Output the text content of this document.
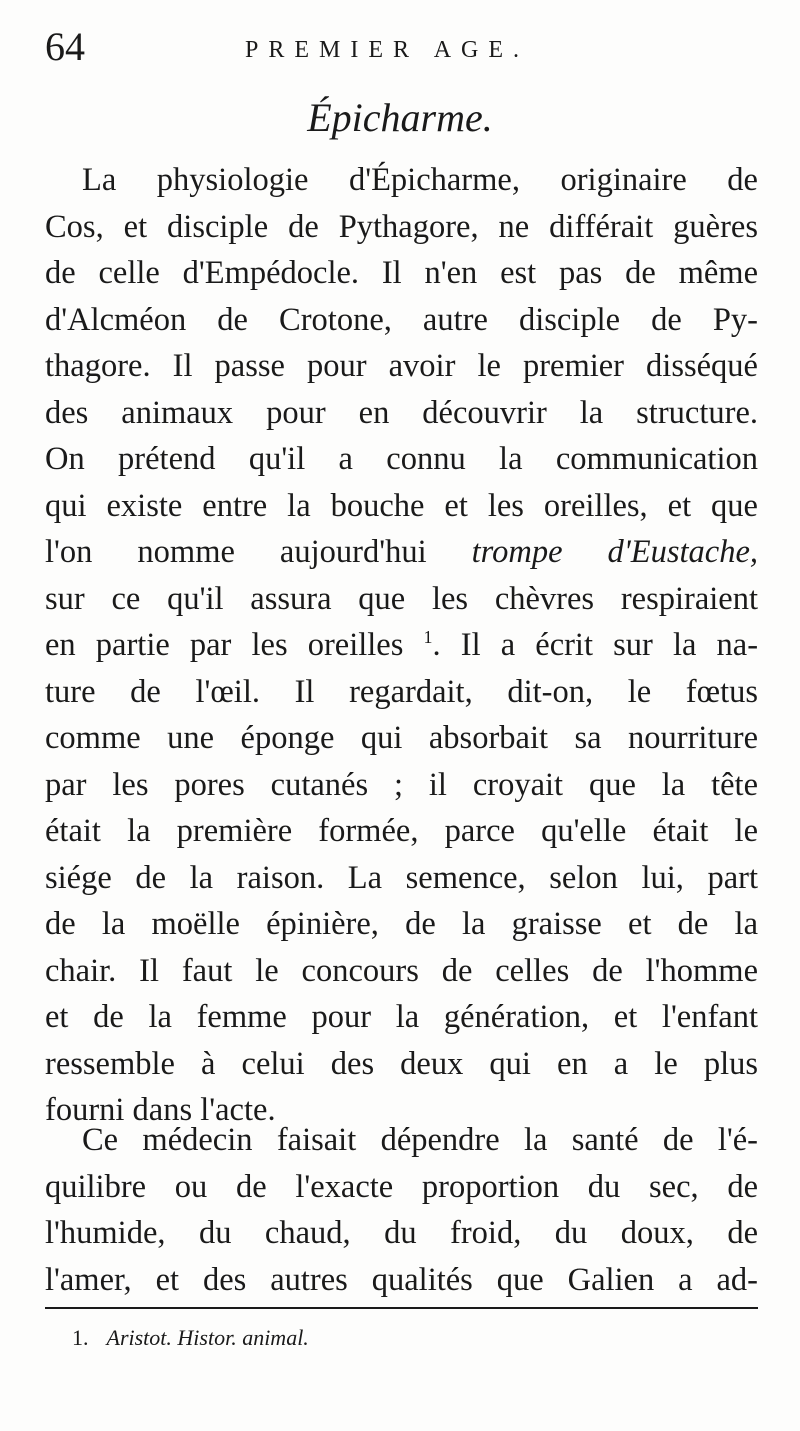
64	PREMIER AGE.
Épicharme.
La physiologie d'Épicharme, originaire de
Cos, et disciple de Pythagore, ne différait guères
de celle d'Empédocle. Il n'en est pas de même
d'Alcméon de Crotone, autre disciple de Py-
thagore. Il passe pour avoir le premier disséqué
des animaux pour en découvrir la structure.
On prétend qu'il a connu la communication
qui existe entre la bouche et les oreilles, et que
l'on nomme aujourd'hui trompe d'Eustache,
sur ce qu'il assura que les chèvres respiraient
en partie par les oreilles $^1$. Il a écrit sur la na-
ture de l'œil. Il regardait, dit-on, le fœtus
comme une éponge qui absorbait sa nourriture
par les pores cutanés ; il croyait que la tête
était la première formée, parce qu'elle était le
siége de la raison. La semence, selon lui, part
de la moëlle épinière, de la graisse et de la
chair. Il faut le concours de celles de l'homme
et de la femme pour la génération, et l'enfant
ressemble à celui des deux qui en a le plus
fourni dans l'acte.
Ce médecin faisait dépendre la santé de l'é-
quilibre ou de l'exacte proportion du sec, de
l'humide, du chaud, du froid, du doux, de
l'amer, et des autres qualités que Galien a ad-
1. Aristot. Histor. animal.
